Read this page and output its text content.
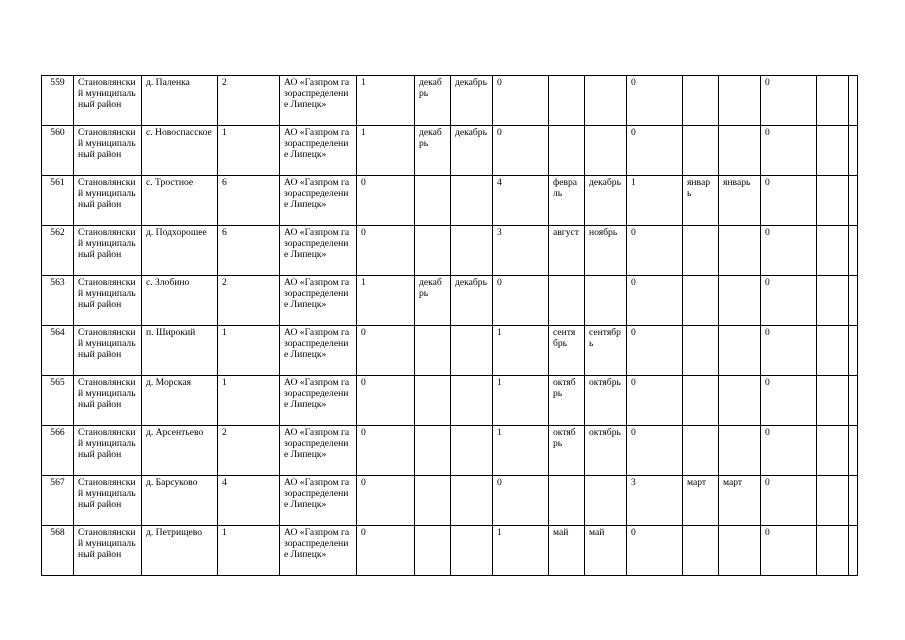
559	Становлянский муниципальный район	д. Паленка	2	АО «Газпром газораспределение Липецк»	1	декабрь	декабрь	0			0			0		
560	Становлянский муниципальный район	с. Новоспасское	1	АО «Газпром газораспределение Липецк»	1	декабрь	декабрь	0			0			0		
561	Становлянский муниципальный район	с. Тростное	6	АО «Газпром газораспределение Липецк»	0			4	февраль	декабрь	1	январь	январь	0		
562	Становлянский муниципальный район	д. Подхорошее	6	АО «Газпром газораспределение Липецк»	0			3	август	ноябрь	0			0		
563	Становлянский муниципальный район	с. Злобино	2	АО «Газпром газораспределение Липецк»	1	декабрь	декабрь	0			0			0		
564	Становлянский муниципальный район	п. Широкий	1	АО «Газпром газораспределение Липецк»	0			1	сентябрь	сентябрь	0			0		
565	Становлянский муниципальный район	д. Морская	1	АО «Газпром газораспределение Липецк»	0			1	октябрь	октябрь	0			0		
566	Становлянский муниципальный район	д. Арсентьево	2	АО «Газпром газораспределение Липецк»	0			1	октябрь	октябрь	0			0		
567	Становлянский муниципальный район	д. Барсуково	4	АО «Газпром газораспределение Липецк»	0			0			3	март	март	0		
568	Становлянский муниципальный район	д. Петрищево	1	АО «Газпром газораспределение Липецк»	0			1	май	май	0			0		
